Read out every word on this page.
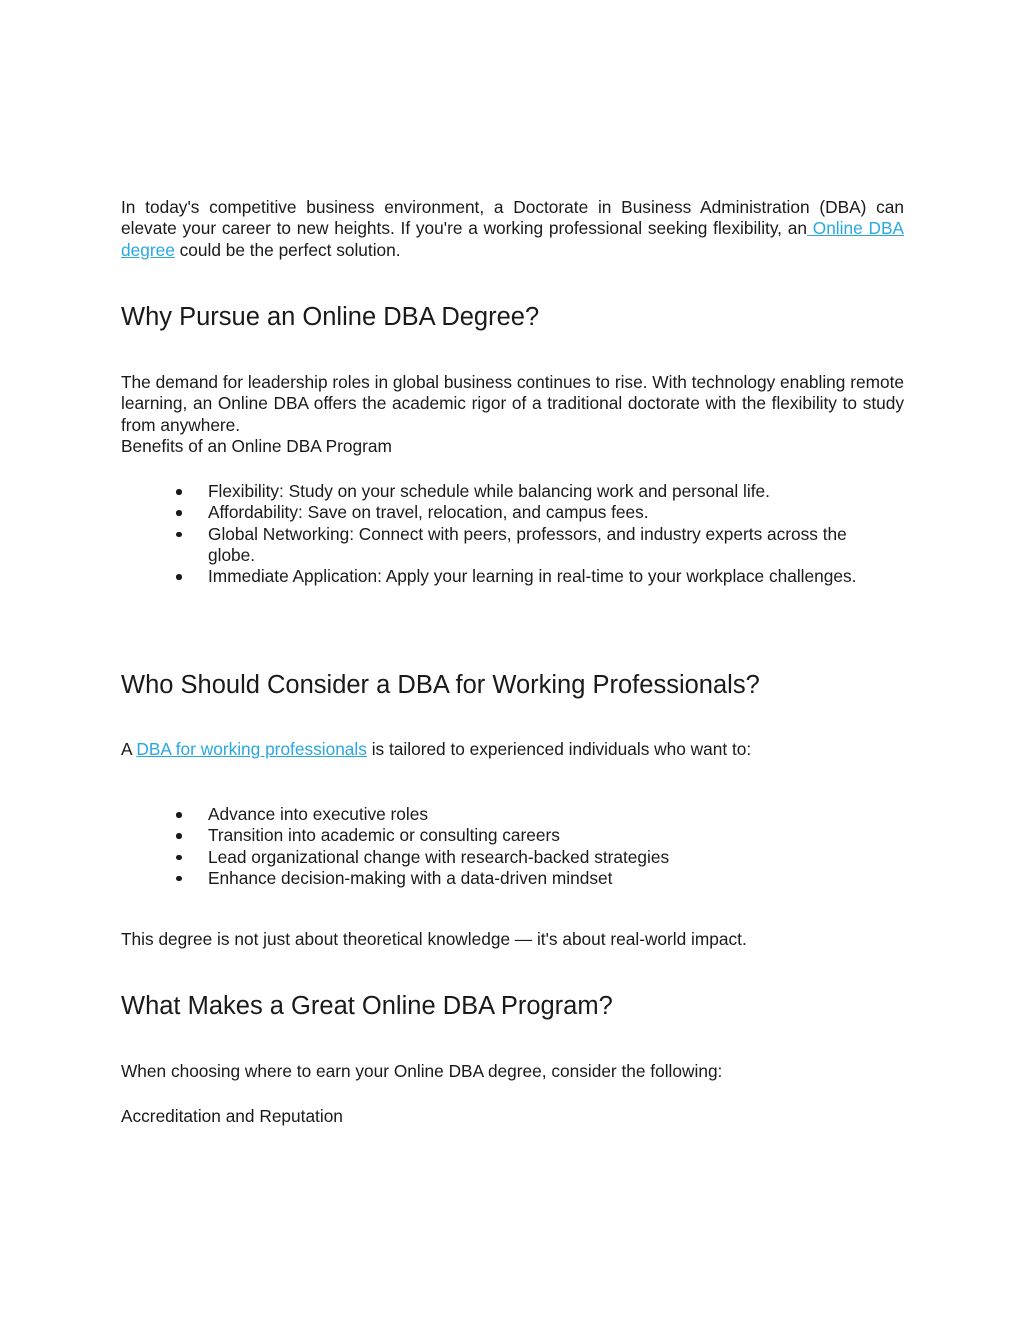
In today's competitive business environment, a Doctorate in Business Administration (DBA) can elevate your career to new heights. If you're a working professional seeking flexibility, an Online DBA degree could be the perfect solution.

Why Pursue an Online DBA Degree?

The demand for leadership roles in global business continues to rise. With technology enabling remote learning, an Online DBA offers the academic rigor of a traditional doctorate with the flexibility to study from anywhere.

Benefits of an Online DBA Program

Flexibility: Study on your schedule while balancing work and personal life.
Affordability: Save on travel, relocation, and campus fees.
Global Networking: Connect with peers, professors, and industry experts across the globe.
Immediate Application: Apply your learning in real-time to your workplace challenges.
Who Should Consider a DBA for Working Professionals?

A DBA for working professionals is tailored to experienced individuals who want to:

Advance into executive roles
Transition into academic or consulting careers
Lead organizational change with research-backed strategies
Enhance decision-making with a data-driven mindset

This degree is not just about theoretical knowledge — it's about real-world impact.

What Makes a Great Online DBA Program?

When choosing where to earn your Online DBA degree, consider the following:

Accreditation and Reputation
